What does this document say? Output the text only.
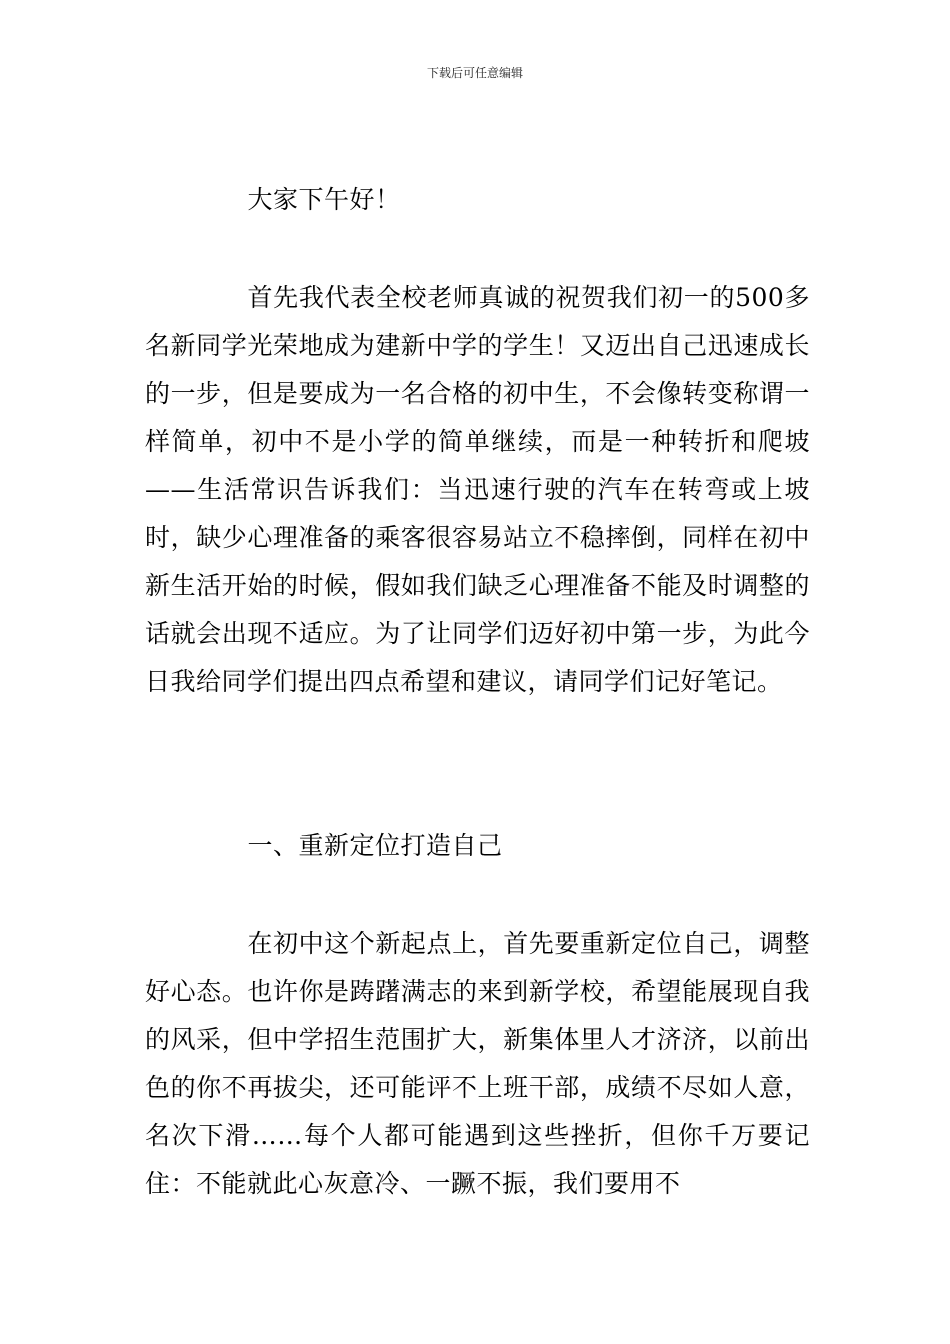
下载后可任意编辑

大家下午好！

首先我代表全校老师真诚的祝贺我们初一的500多名新同学光荣地成为建新中学的学生！又迈出自己迅速成长的一步，但是要成为一名合格的初中生，不会像转变称谓一样简单，初中不是小学的简单继续，而是一种转折和爬坡——生活常识告诉我们：当迅速行驶的汽车在转弯或上坡时，缺少心理准备的乘客很容易站立不稳摔倒，同样在初中新生活开始的时候，假如我们缺乏心理准备不能及时调整的话就会出现不适应。为了让同学们迈好初中第一步，为此今日我给同学们提出四点希望和建议，请同学们记好笔记。

一、重新定位打造自己

在初中这个新起点上，首先要重新定位自己，调整好心态。也许你是踌躇满志的来到新学校，希望能展现自我的风采，但中学招生范围扩大，新集体里人才济济，以前出色的你不再拔尖，还可能评不上班干部，成绩不尽如人意，名次下滑……每个人都可能遇到这些挫折，但你千万要记住：不能就此心灰意冷、一蹶不振，我们要用不
